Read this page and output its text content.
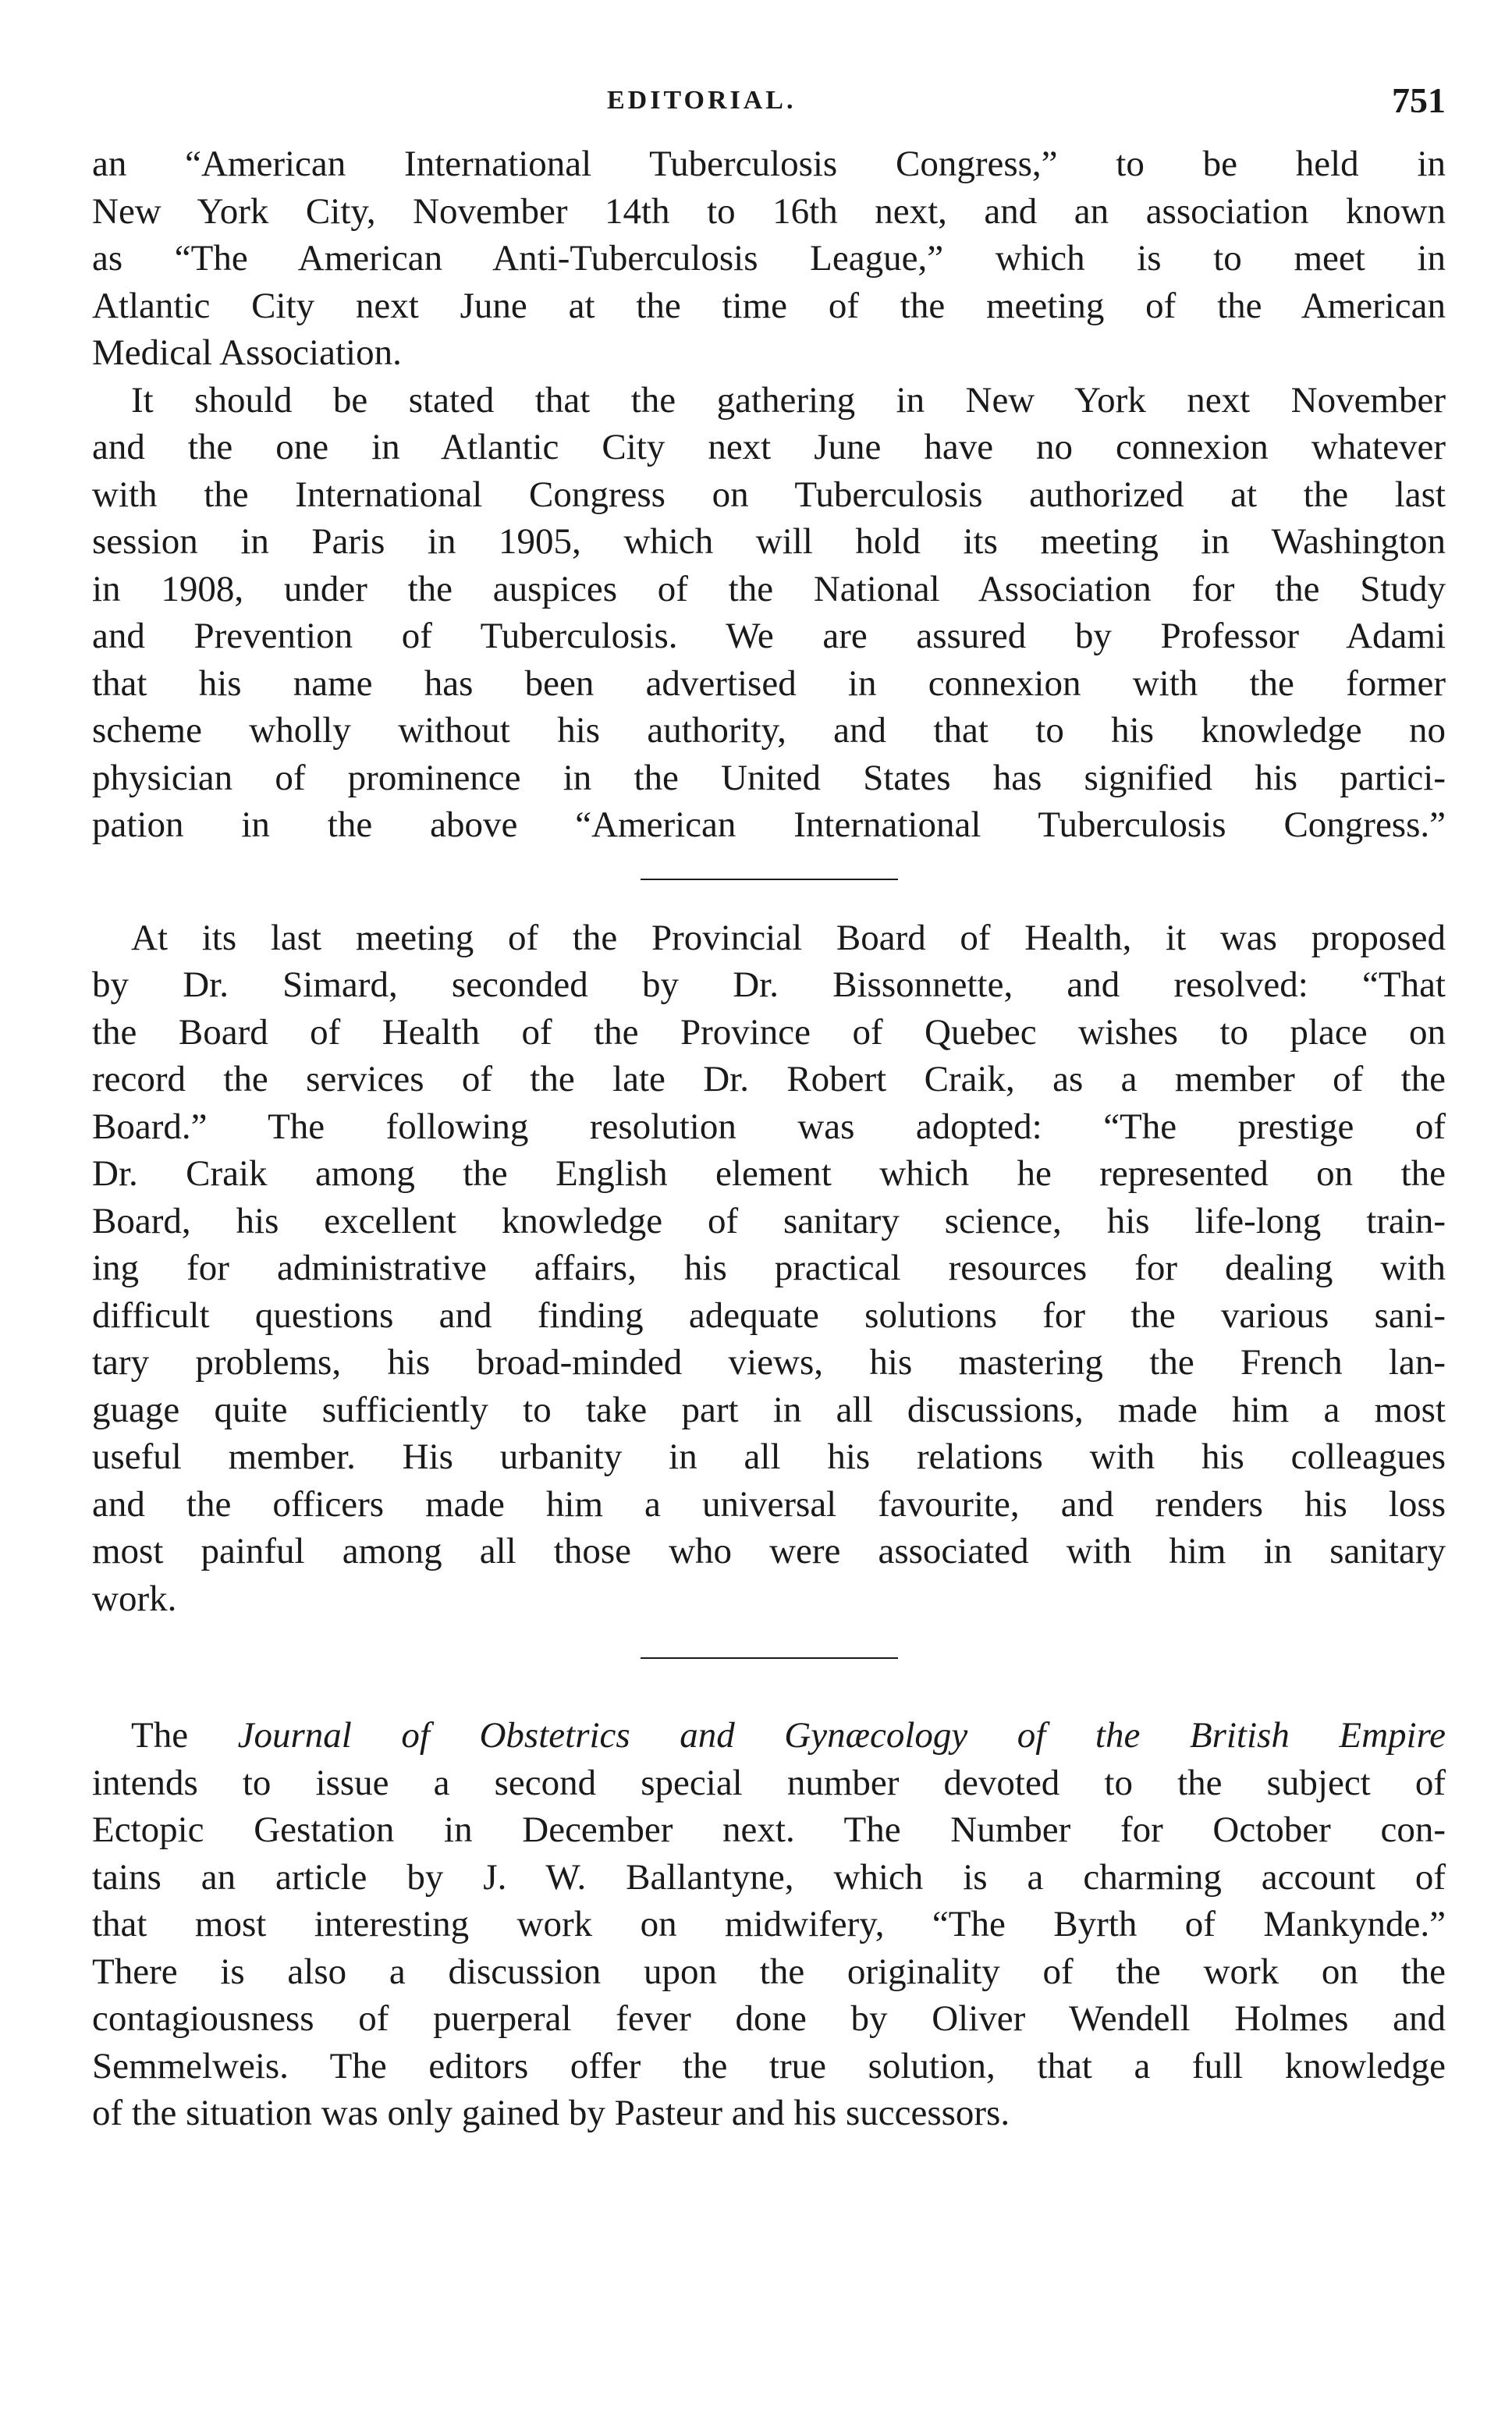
EDITORIAL.	751

an “American International Tuberculosis Congress,” to be held in
New York City, November 14th to 16th next, and an association known
as “The American Anti-Tuberculosis League,” which is to meet in
Atlantic City next June at the time of the meeting of the American
Medical Association.

It should be stated that the gathering in New York next November
and the one in Atlantic City next June have no connexion whatever
with the International Congress on Tuberculosis authorized at the last
session in Paris in 1905, which will hold its meeting in Washington
in 1908, under the auspices of the National Association for the Study
and Prevention of Tuberculosis. We are assured by Professor Adami
that his name has been advertised in connexion with the former
scheme wholly without his authority, and that to his knowledge no
physician of prominence in the United States has signified his partici-
pation in the above “American International Tuberculosis Congress.”

At its last meeting of the Provincial Board of Health, it was proposed
by Dr. Simard, seconded by Dr. Bissonnette, and resolved: “That
the Board of Health of the Province of Quebec wishes to place on
record the services of the late Dr. Robert Craik, as a member of the
Board.” The following resolution was adopted: “The prestige of
Dr. Craik among the English element which he represented on the
Board, his excellent knowledge of sanitary science, his life-long train-
ing for administrative affairs, his practical resources for dealing with
difficult questions and finding adequate solutions for the various sani-
tary problems, his broad-minded views, his mastering the French lan-
guage quite sufficiently to take part in all discussions, made him a most
useful member. His urbanity in all his relations with his colleagues
and the officers made him a universal favourite, and renders his loss
most painful among all those who were associated with him in sanitary
work.

The Journal of Obstetrics and Gynæcology of the British Empire
intends to issue a second special number devoted to the subject of
Ectopic Gestation in December next. The Number for October con-
tains an article by J. W. Ballantyne, which is a charming account of
that most interesting work on midwifery, “The Byrth of Mankynde.”
There is also a discussion upon the originality of the work on the
contagiousness of puerperal fever done by Oliver Wendell Holmes and
Semmelweis. The editors offer the true solution, that a full knowledge
of the situation was only gained by Pasteur and his successors.
